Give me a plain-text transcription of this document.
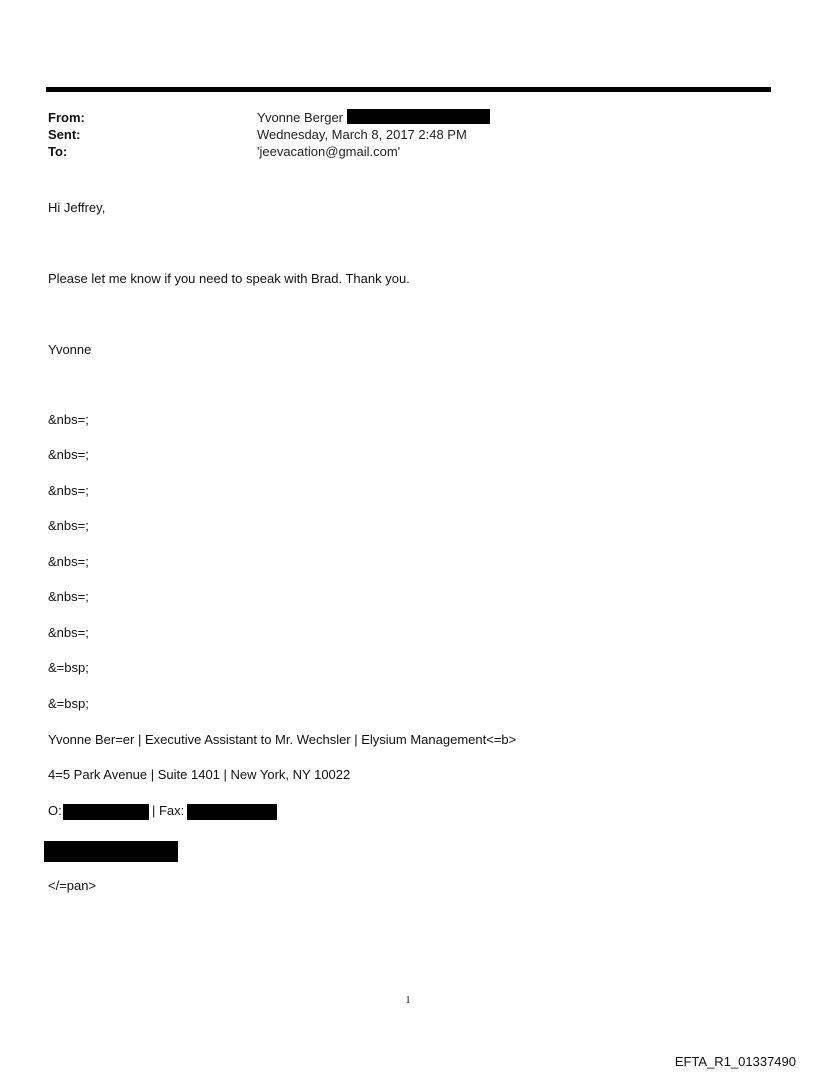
From:	Yvonne Berger
Sent:	Wednesday, March 8, 2017 2:48 PM
To:	'jeevacation@gmail.com'
Hi Jeffrey,
Please let me know if you need to speak with Brad. Thank you.
Yvonne
&nbs=;
&nbs=;
&nbs=;
&nbs=;
&nbs=;
&nbs=;
&nbs=;
&=bsp;
&=bsp;
Yvonne Ber=er | Executive Assistant to Mr. Wechsler | Elysium Management<=b>
4=5 Park Avenue | Suite 1401 | New York, NY 10022
O:	| Fax:
</=pan>
1
EFTA_R1_01337490
